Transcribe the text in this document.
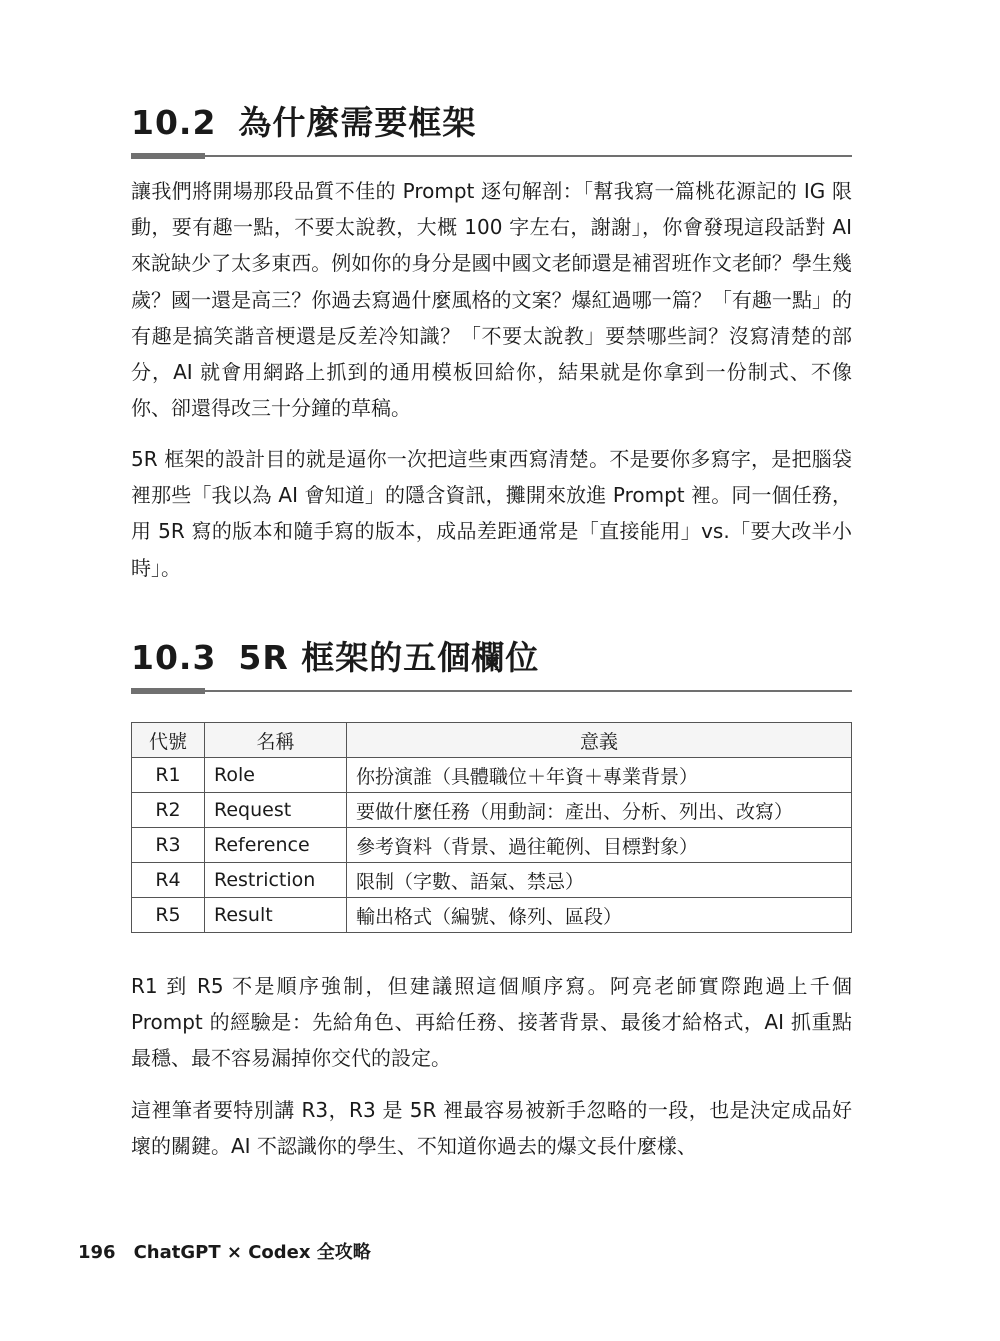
10.2 為什麼需要框架

讓我們將開場那段品質不佳的 Prompt 逐句解剖：「幫我寫一篇桃花源記的 IG 限動，要有趣一點，不要太說教，大概 100 字左右，謝謝」，你會發現這段話對 AI 來說缺少了太多東西。例如你的身分是國中國文老師還是補習班作文老師？學生幾歲？國一還是高三？你過去寫過什麼風格的文案？爆紅過哪一篇？「有趣一點」的有趣是搞笑諧音梗還是反差冷知識？「不要太說教」要禁哪些詞？沒寫清楚的部分，AI 就會用網路上抓到的通用模板回給你，結果就是你拿到一份制式、不像你、卻還得改三十分鐘的草稿。

5R 框架的設計目的就是逼你一次把這些東西寫清楚。不是要你多寫字，是把腦袋裡那些「我以為 AI 會知道」的隱含資訊，攤開來放進 Prompt 裡。同一個任務，用 5R 寫的版本和隨手寫的版本，成品差距通常是「直接能用」vs.「要大改半小時」。

10.3 5R 框架的五個欄位
代號	名稱	意義
R1	Role	你扮演誰（具體職位＋年資＋專業背景）
R2	Request	要做什麼任務（用動詞：產出、分析、列出、改寫）
R3	Reference	參考資料（背景、過往範例、目標對象）
R4	Restriction	限制（字數、語氣、禁忌）
R5	Result	輸出格式（編號、條列、區段）

R1 到 R5 不是順序強制，但建議照這個順序寫。阿亮老師實際跑過上千個 Prompt 的經驗是：先給角色、再給任務、接著背景、最後才給格式，AI 抓重點最穩、最不容易漏掉你交代的設定。

這裡筆者要特別講 R3，R3 是 5R 裡最容易被新手忽略的一段，也是決定成品好壞的關鍵。AI 不認識你的學生、不知道你過去的爆文長什麼樣、

196 ChatGPT × Codex 全攻略
